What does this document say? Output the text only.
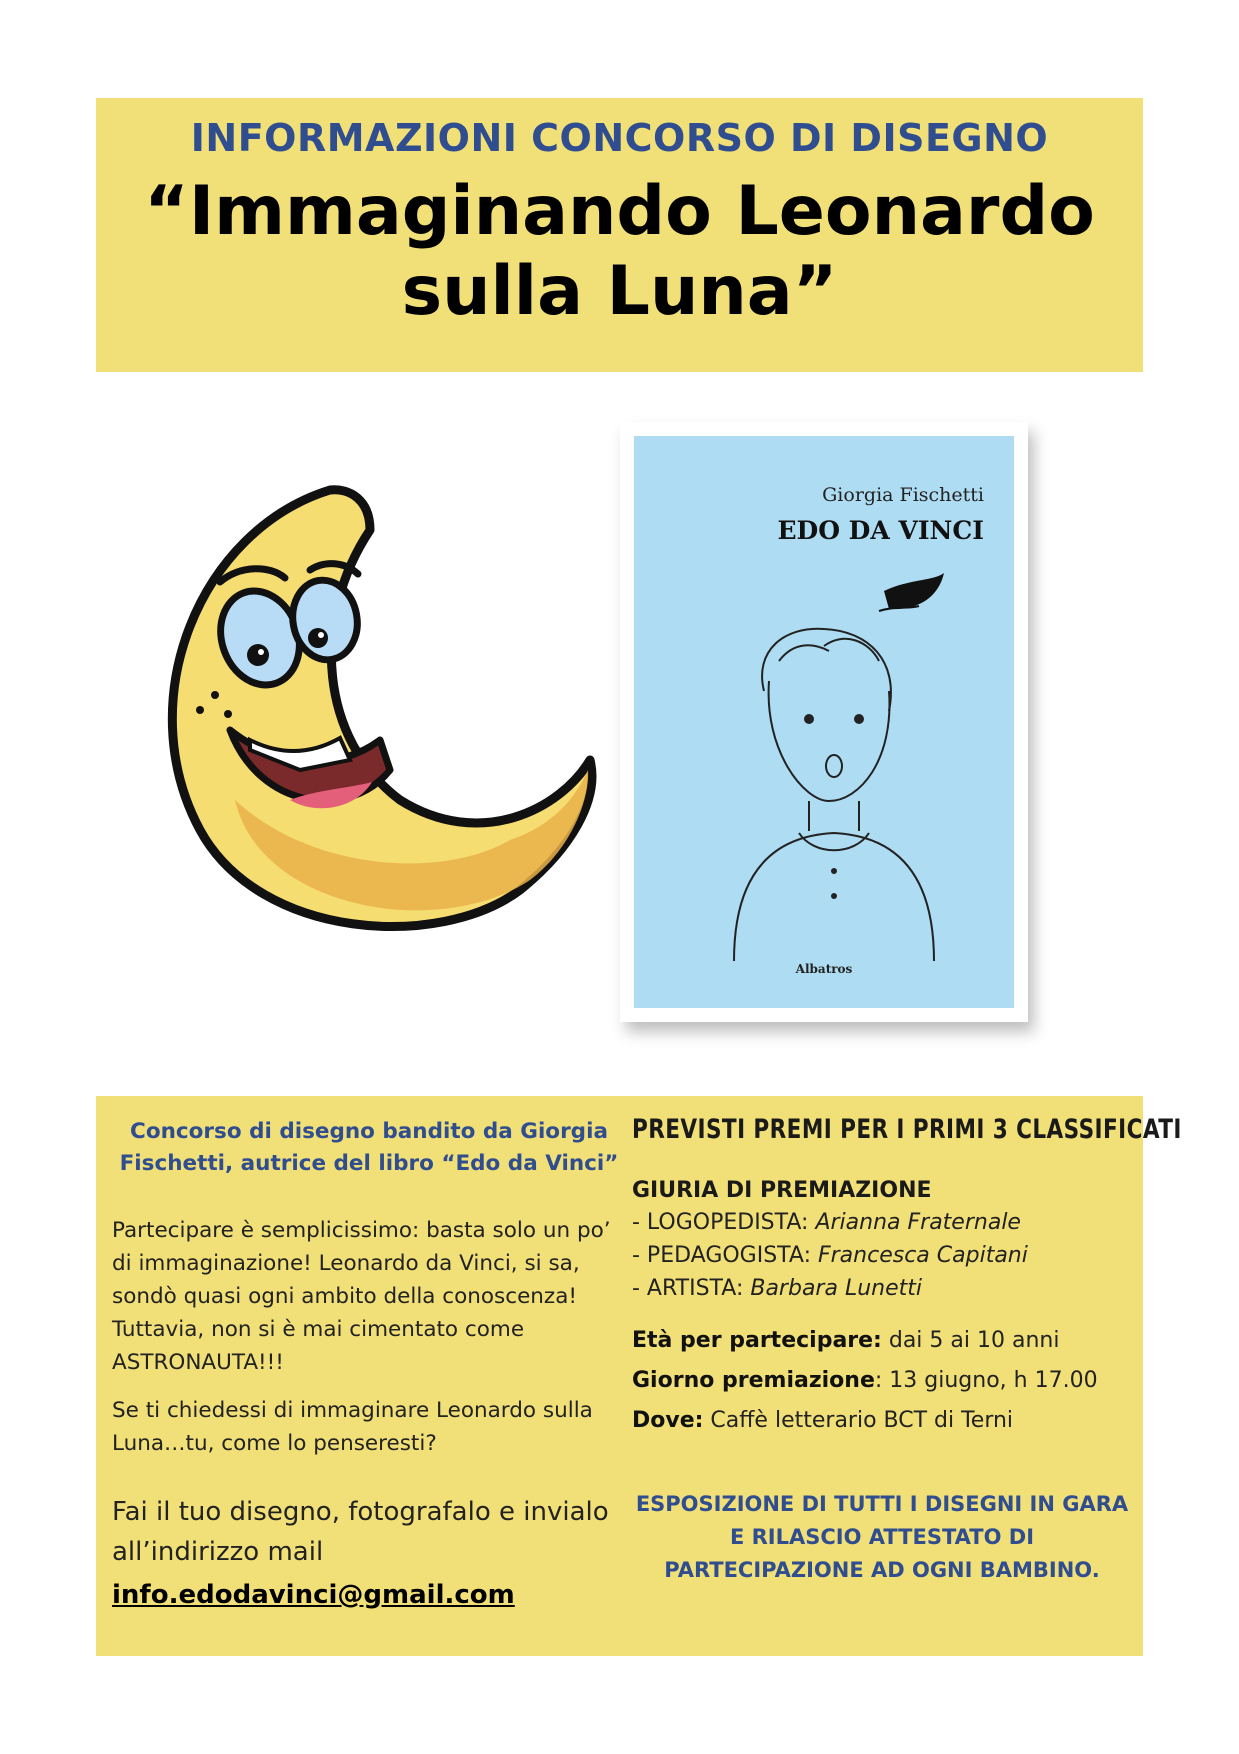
INFORMAZIONI CONCORSO DI DISEGNO
“Immaginando Leonardo
sulla Luna”
Giorgia Fischetti
EDO DA VINCI
Albatros
Concorso di disegno bandito da Giorgia Fischetti, autrice del libro “Edo da Vinci”
Partecipare è semplicissimo: basta solo un po’ di immaginazione! Leonardo da Vinci, si sa, sondò quasi ogni ambito della conoscenza! Tuttavia, non si è mai cimentato come ASTRONAUTA!!!
Se ti chiedessi di immaginare Leonardo sulla Luna…tu, come lo penseresti?
Fai il tuo disegno, fotografalo e invialo all’indirizzo mail
info.edodavinci@gmail.com
PREVISTI PREMI PER I PRIMI 3 CLASSIFICATI
GIURIA DI PREMIAZIONE
- LOGOPEDISTA: Arianna Fraternale
- PEDAGOGISTA: Francesca Capitani
- ARTISTA: Barbara Lunetti
Età per partecipare: dai 5 ai 10 anni
Giorno premiazione: 13 giugno, h 17.00
Dove: Caffè letterario BCT di Terni
ESPOSIZIONE DI TUTTI I DISEGNI IN GARA E RILASCIO ATTESTATO DI PARTECIPAZIONE AD OGNI BAMBINO.
